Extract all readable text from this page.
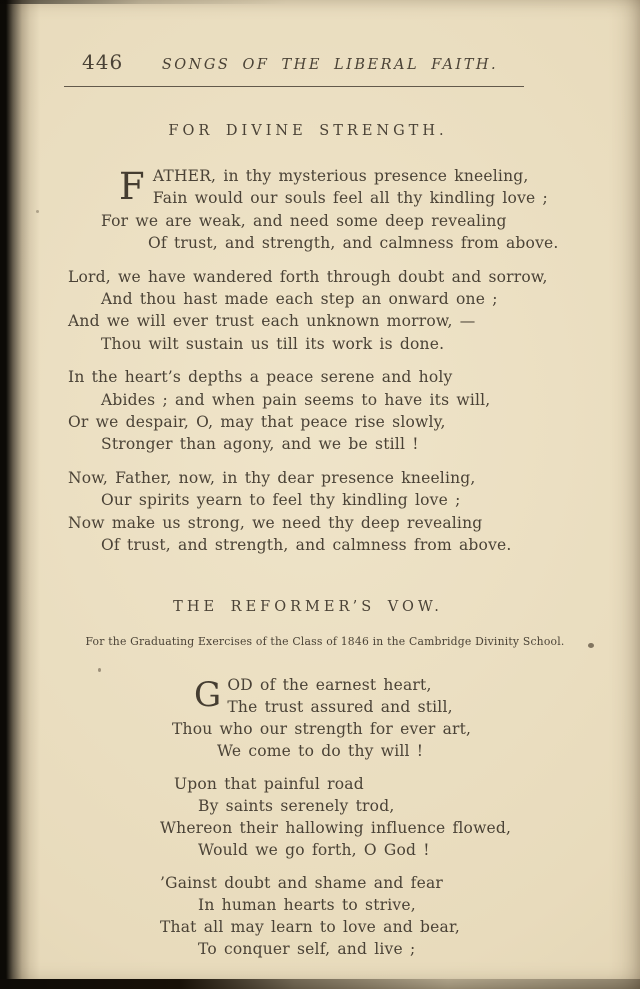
446	SONGS OF THE LIBERAL FAITH.
FOR DIVINE STRENGTH.

FATHER, in thy mysterious presence kneeling,

Fain would our souls feel all thy kindling love ;

For we are weak, and need some deep revealing

Of trust, and strength, and calmness from above.

Lord, we have wandered forth through doubt and sorrow,

And thou hast made each step an onward one ;

And we will ever trust each unknown morrow, —

Thou wilt sustain us till its work is done.

In the heart’s depths a peace serene and holy

Abides ; and when pain seems to have its will,

Or we despair, O, may that peace rise slowly,

Stronger than agony, and we be still !

Now, Father, now, in thy dear presence kneeling,

Our spirits yearn to feel thy kindling love ;

Now make us strong, we need thy deep revealing

Of trust, and strength, and calmness from above.

THE REFORMER’S VOW.

For the Graduating Exercises of the Class of 1846 in the Cambridge Divinity School.

GOD of the earnest heart,

The trust assured and still,

Thou who our strength for ever art,

We come to do thy will !

Upon that painful road

By saints serenely trod,

Whereon their hallowing influence flowed,

Would we go forth, O God !

’Gainst doubt and shame and fear

In human hearts to strive,

That all may learn to love and bear,

To conquer self, and live ;
